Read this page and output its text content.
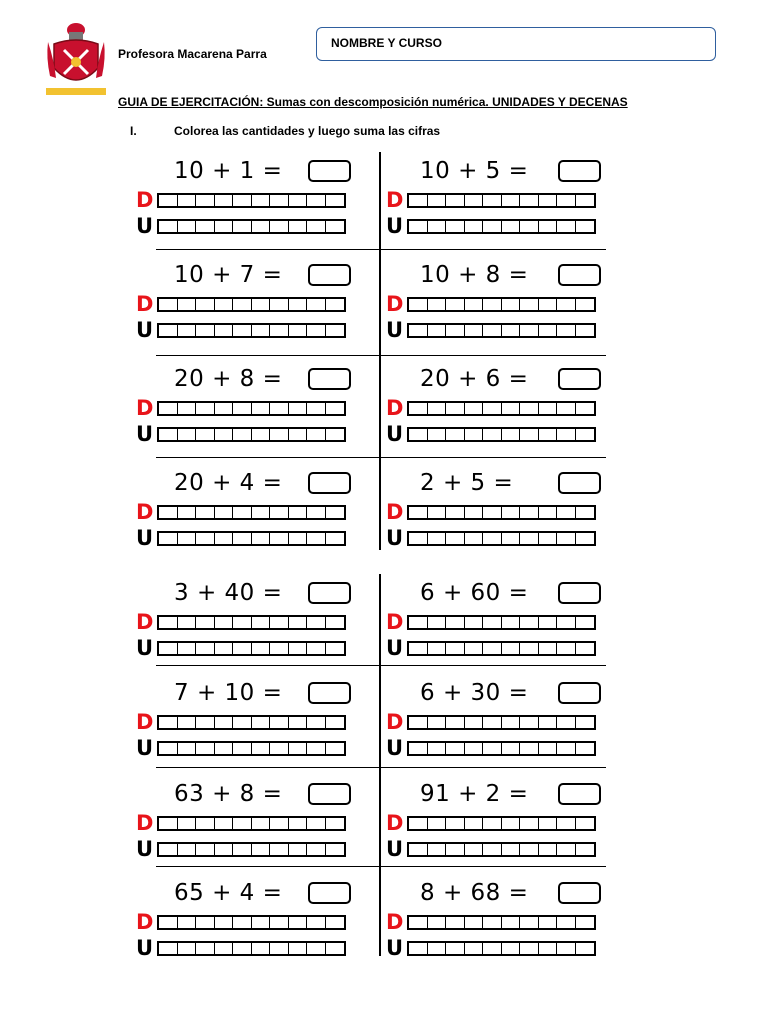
Profesora Macarena Parra
NOMBRE Y CURSO
GUIA DE EJERCITACIÓN: Sumas con descomposición numérica. UNIDADES Y DECENAS
I.	Colorea las cantidades y luego suma las cifras
10 + 1 =
D
U
10 + 5 =
D
U
10 + 7 =
D
U
10 + 8 =
D
U
20 + 8 =
D
U
20 + 6 =
D
U
20 + 4 =
D
U
2 + 5 =
D
U
3 + 40 =
D
U
6 + 60 =
D
U
7 + 10 =
D
U
6 + 30 =
D
U
63 + 8 =
D
U
91 + 2 =
D
U
65 + 4 =
D
U
8 + 68 =
D
U
